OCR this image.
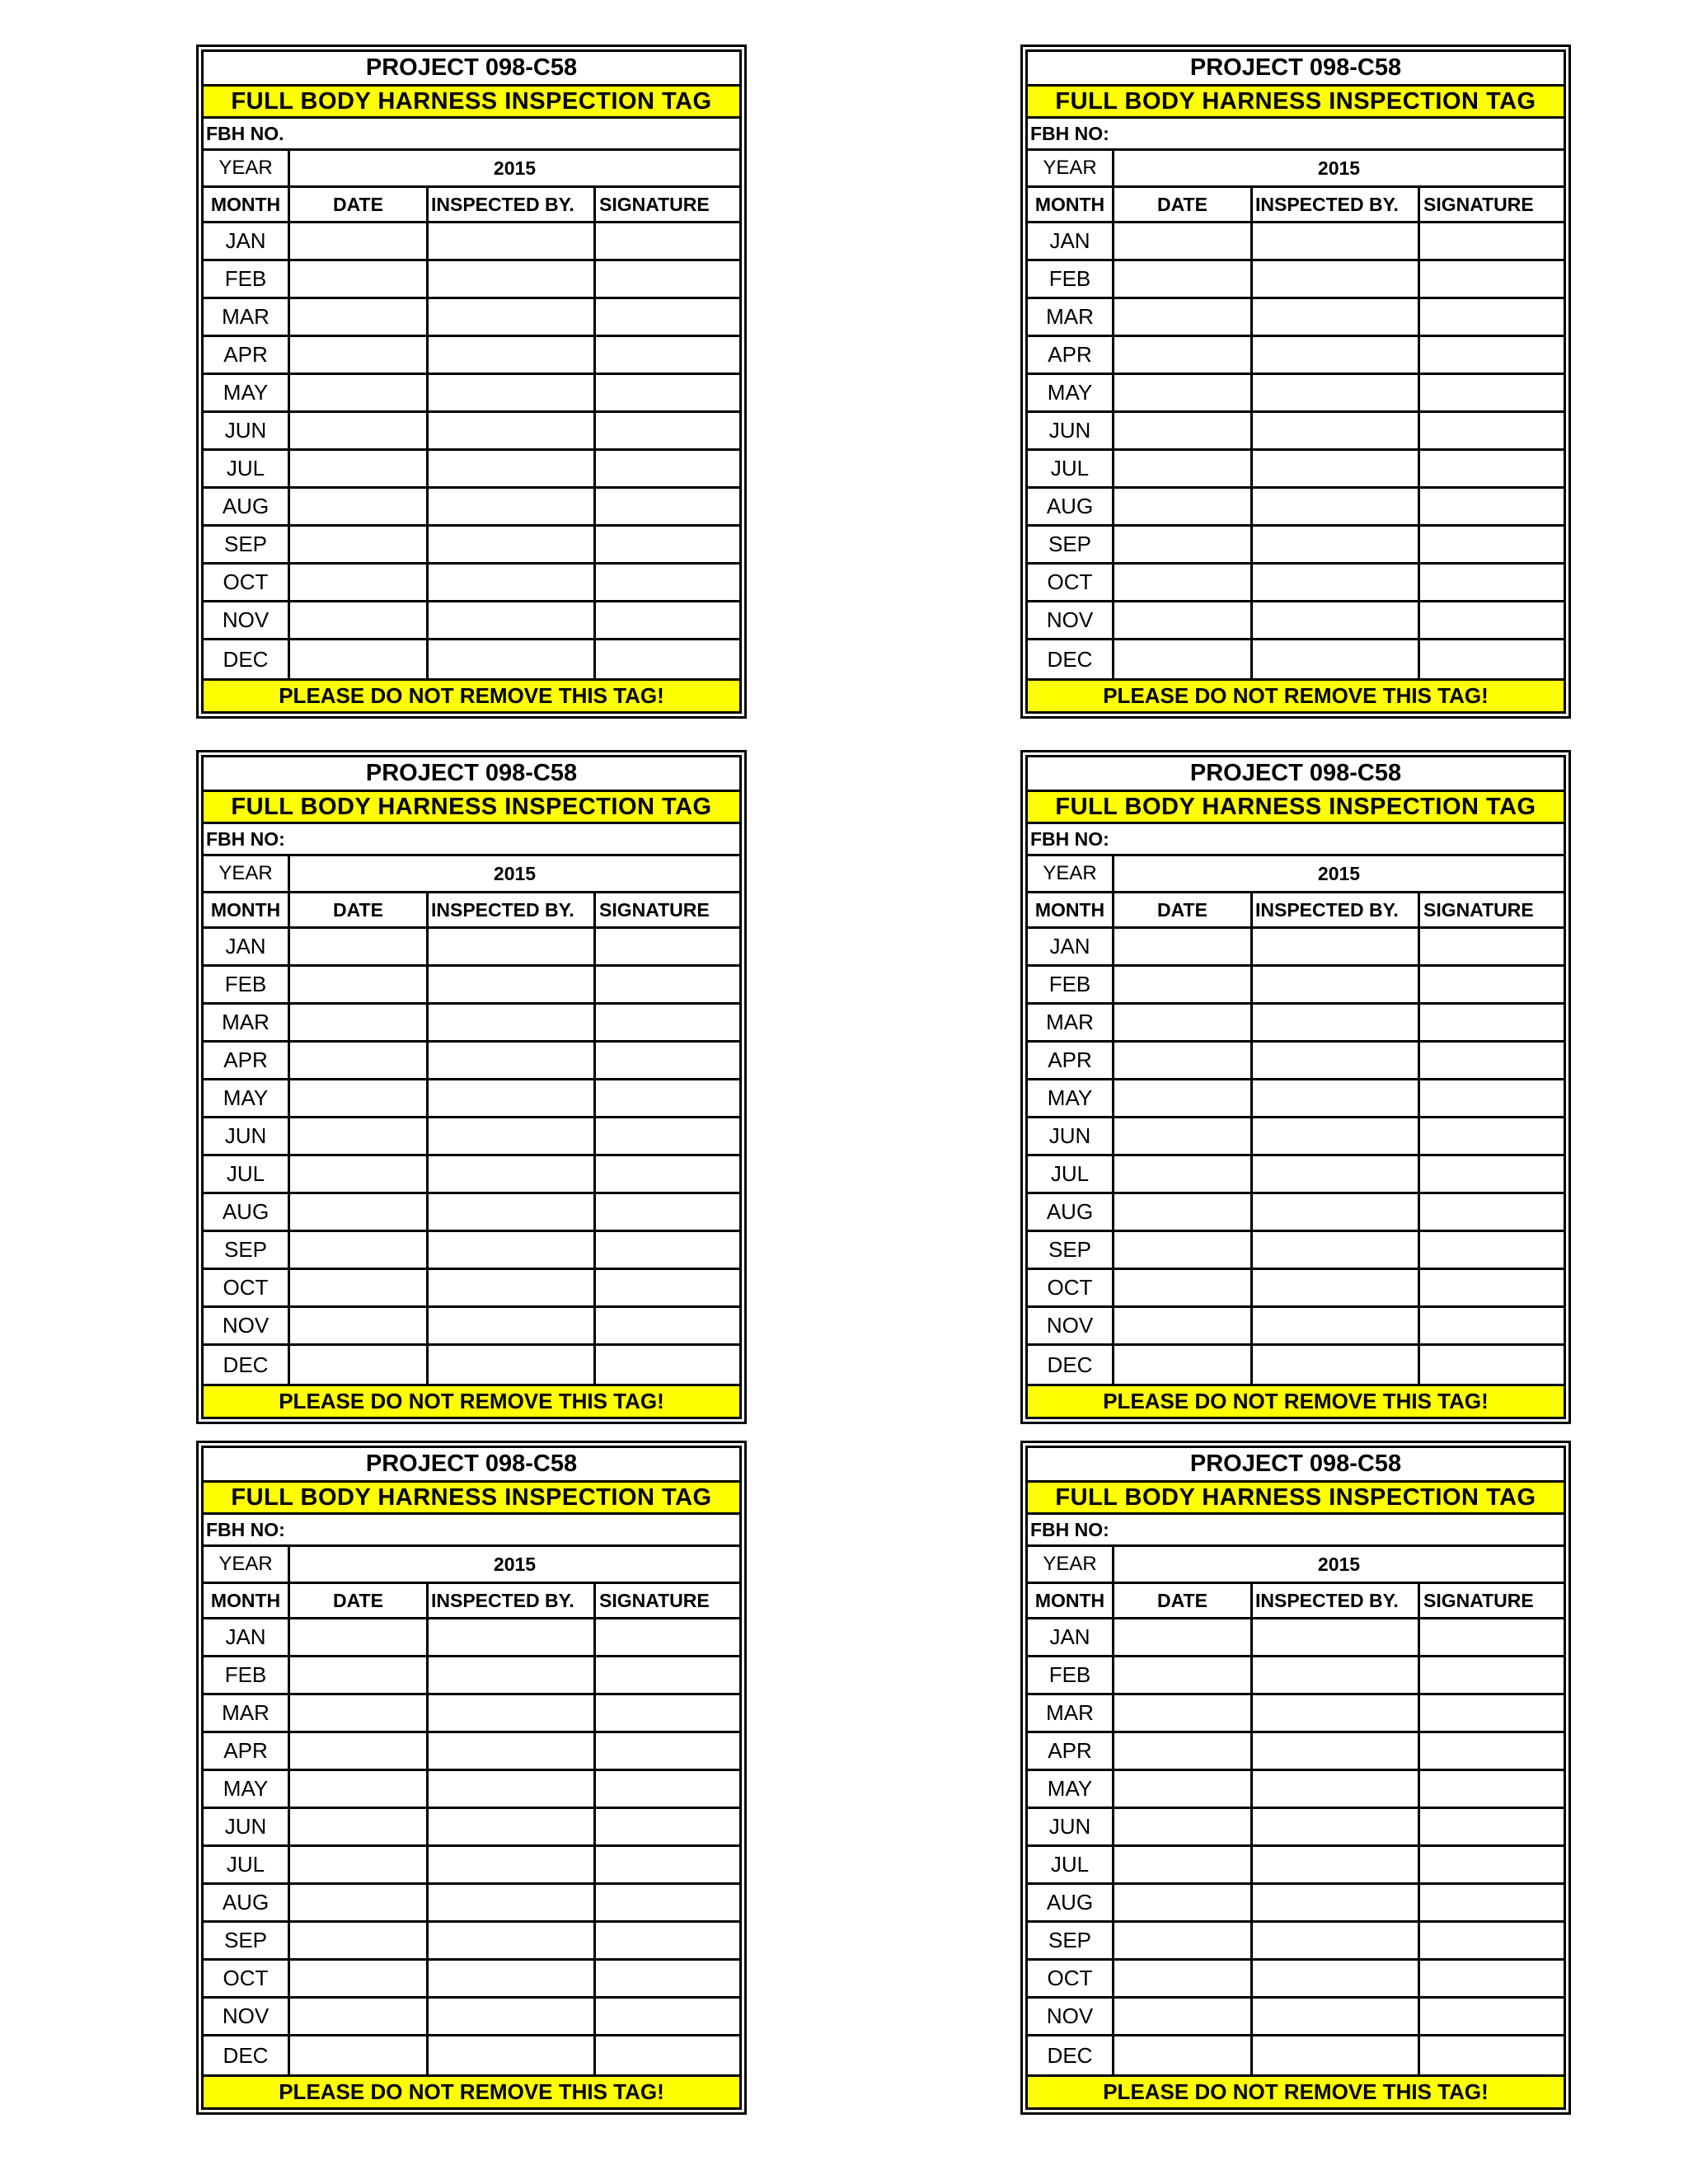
PROJECT 098-C58
FULL BODY HARNESS INSPECTION TAG
FBH NO.
YEAR	2015
MONTH	DATE	INSPECTED BY.	SIGNATURE
JAN
FEB
MAR
APR
MAY
JUN
JUL
AUG
SEP
OCT
NOV
DEC
PLEASE DO NOT REMOVE THIS TAG!
PROJECT 098-C58
FULL BODY HARNESS INSPECTION TAG
FBH NO:
YEAR	2015
MONTH	DATE	INSPECTED BY.	SIGNATURE
JAN
FEB
MAR
APR
MAY
JUN
JUL
AUG
SEP
OCT
NOV
DEC
PLEASE DO NOT REMOVE THIS TAG!
PROJECT 098-C58
FULL BODY HARNESS INSPECTION TAG
FBH NO:
YEAR	2015
MONTH	DATE	INSPECTED BY.	SIGNATURE
JAN
FEB
MAR
APR
MAY
JUN
JUL
AUG
SEP
OCT
NOV
DEC
PLEASE DO NOT REMOVE THIS TAG!
PROJECT 098-C58
FULL BODY HARNESS INSPECTION TAG
FBH NO:
YEAR	2015
MONTH	DATE	INSPECTED BY.	SIGNATURE
JAN
FEB
MAR
APR
MAY
JUN
JUL
AUG
SEP
OCT
NOV
DEC
PLEASE DO NOT REMOVE THIS TAG!
PROJECT 098-C58
FULL BODY HARNESS INSPECTION TAG
FBH NO:
YEAR	2015
MONTH	DATE	INSPECTED BY.	SIGNATURE
JAN
FEB
MAR
APR
MAY
JUN
JUL
AUG
SEP
OCT
NOV
DEC
PLEASE DO NOT REMOVE THIS TAG!
PROJECT 098-C58
FULL BODY HARNESS INSPECTION TAG
FBH NO:
YEAR	2015
MONTH	DATE	INSPECTED BY.	SIGNATURE
JAN
FEB
MAR
APR
MAY
JUN
JUL
AUG
SEP
OCT
NOV
DEC
PLEASE DO NOT REMOVE THIS TAG!
